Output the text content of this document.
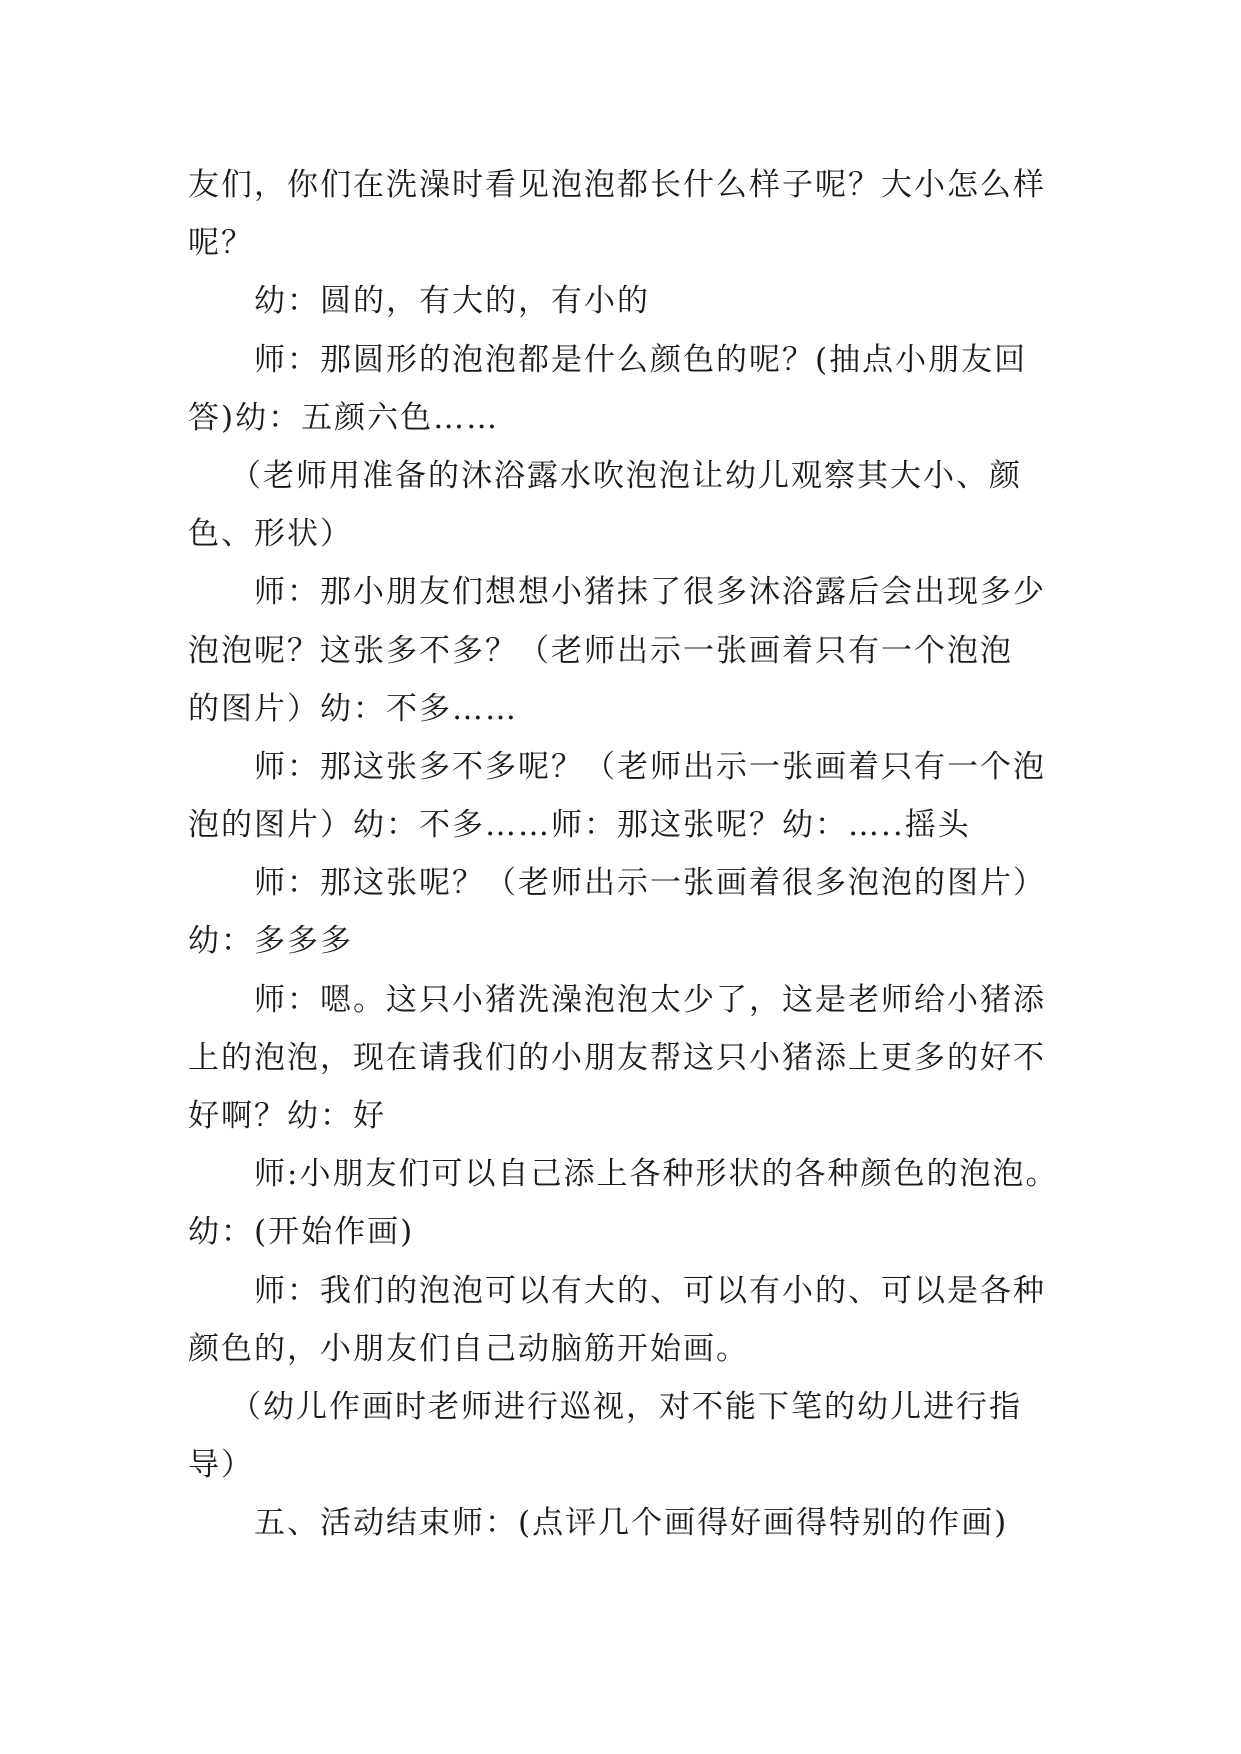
友们，你们在洗澡时看见泡泡都长什么样子呢？大小怎么样
呢？
幼：圆的，有大的，有小的
师：那圆形的泡泡都是什么颜色的呢？(抽点小朋友回
答)幼：五颜六色……
（老师用准备的沐浴露水吹泡泡让幼儿观察其大小、颜
色、形状）
师：那小朋友们想想小猪抹了很多沐浴露后会出现多少
泡泡呢？这张多不多？（老师出示一张画着只有一个泡泡
的图片）幼：不多……
师：那这张多不多呢？（老师出示一张画着只有一个泡
泡的图片）幼：不多……师：那这张呢？幼：…..摇头
师：那这张呢？（老师出示一张画着很多泡泡的图片）
幼：多多多
师：嗯。这只小猪洗澡泡泡太少了，这是老师给小猪添
上的泡泡，现在请我们的小朋友帮这只小猪添上更多的好不
好啊？幼：好
师:小朋友们可以自己添上各种形状的各种颜色的泡泡。
幼：(开始作画)
师：我们的泡泡可以有大的、可以有小的、可以是各种
颜色的，小朋友们自己动脑筋开始画。
（幼儿作画时老师进行巡视，对不能下笔的幼儿进行指
导）
五、活动结束师：(点评几个画得好画得特别的作画)
